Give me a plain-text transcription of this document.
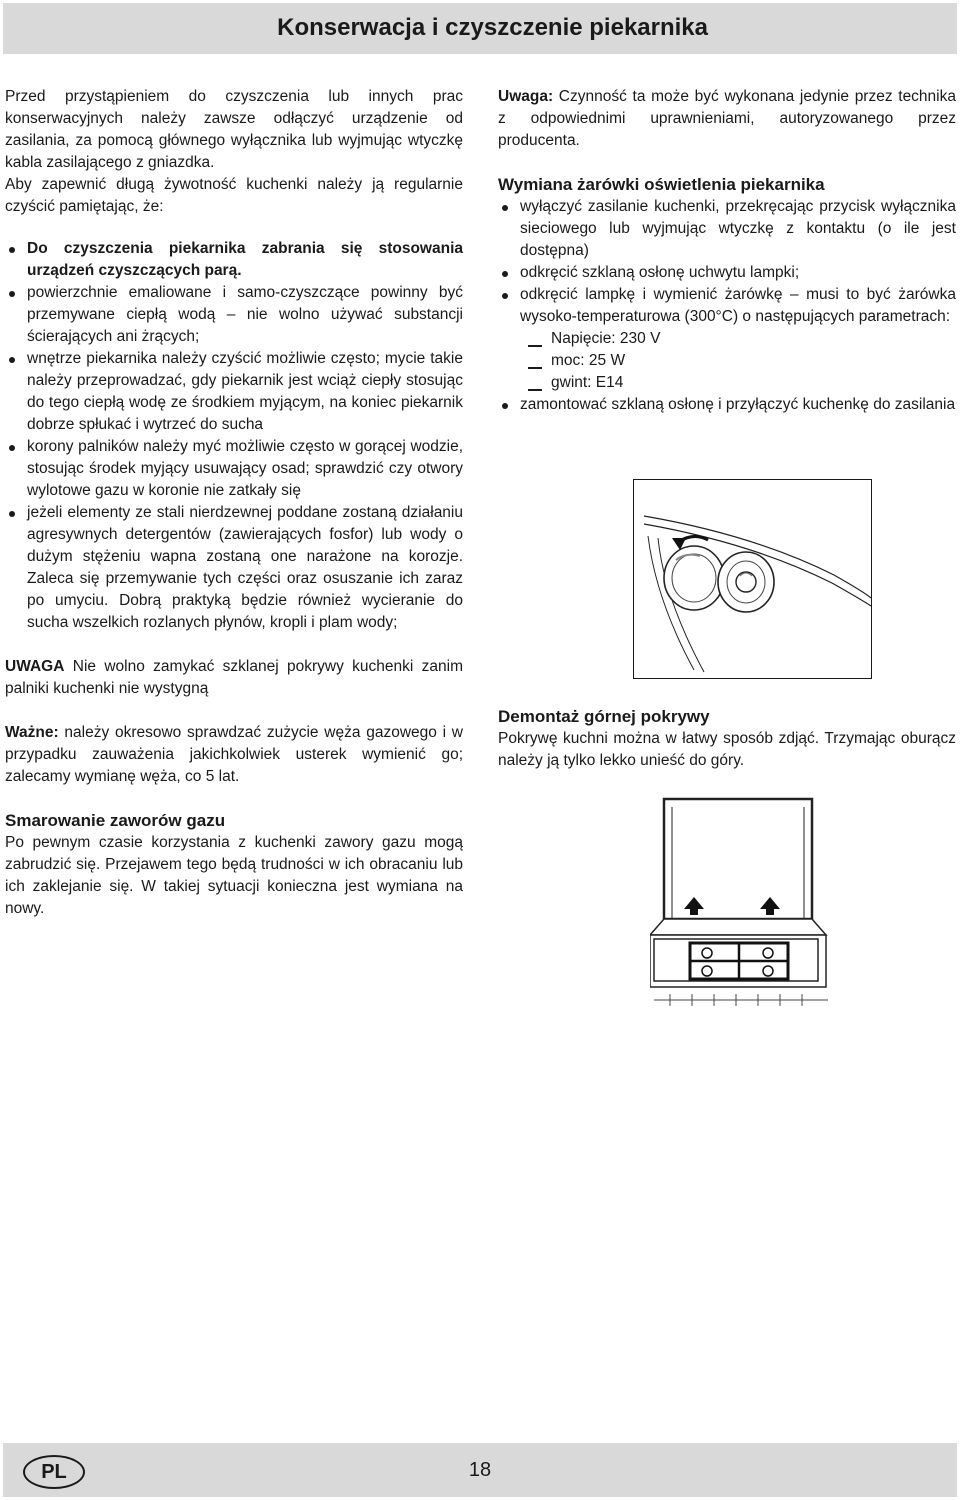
Konserwacja i czyszczenie piekarnika

Przed przystąpieniem do czyszczenia lub innych prac konserwacyjnych należy zawsze odłączyć urządzenie od zasilania, za pomocą głównego wyłącznika lub wyjmując wtyczkę kabla zasilającego z gniazdka.

Aby zapewnić długą żywotność kuchenki należy ją regularnie czyścić pamiętając, że:

Do czyszczenia piekarnika zabrania się stosowania urządzeń czyszczących parą.
powierzchnie emaliowane i samo-czyszczące powinny być przemywane ciepłą wodą – nie wolno używać substancji ścierających ani żrących;
wnętrze piekarnika należy czyścić możliwie często; mycie takie należy przeprowadzać, gdy piekarnik jest wciąż ciepły stosując do tego ciepłą wodę ze środkiem myjącym, na koniec piekarnik dobrze spłukać i wytrzeć do sucha
korony palników należy myć możliwie często w gorącej wodzie, stosując środek myjący usuwający osad; sprawdzić czy otwory wylotowe gazu w koronie nie zatkały się
jeżeli elementy ze stali nierdzewnej poddane zostaną działaniu agresywnych detergentów (zawierających fosfor) lub wody o dużym stężeniu wapna zostaną one narażone na korozje. Zaleca się przemywanie tych części oraz osuszanie ich zaraz po umyciu. Dobrą praktyką będzie również wycieranie do sucha wszelkich rozlanych płynów, kropli i plam wody;

UWAGA Nie wolno zamykać szklanej pokrywy kuchenki zanim palniki kuchenki nie wystygną

Ważne: należy okresowo sprawdzać zużycie węża gazowego i w przypadku zauważenia jakichkolwiek usterek wymienić go; zalecamy wymianę węża, co 5 lat.

Smarowanie zaworów gazu

Po pewnym czasie korzystania z kuchenki zawory gazu mogą zabrudzić się. Przejawem tego będą trudności w ich obracaniu lub ich zaklejanie się. W takiej sytuacji konieczna jest wymiana na nowy.

Uwaga: Czynność ta może być wykonana jedynie przez technika z odpowiednimi uprawnieniami, autoryzowanego przez producenta.

Wymiana żarówki oświetlenia piekarnika
wyłączyć zasilanie kuchenki, przekręcając przycisk wyłącznika sieciowego lub wyjmując wtyczkę z kontaktu (o ile jest dostępna)
odkręcić szklaną osłonę uchwytu lampki;
odkręcić lampkę i wymienić żarówkę – musi to być żarówka wysoko-temperaturowa (300°C) o następujących parametrach:
Napięcie: 230 V
moc: 25 W
gwint: E14
zamontować szklaną osłonę i przyłączyć kuchenkę do zasilania
Demontaż górnej pokrywy

Pokrywę kuchni można w łatwy sposób zdjąć. Trzymając oburącz należy ją tylko lekko unieść do góry.

PL	18
